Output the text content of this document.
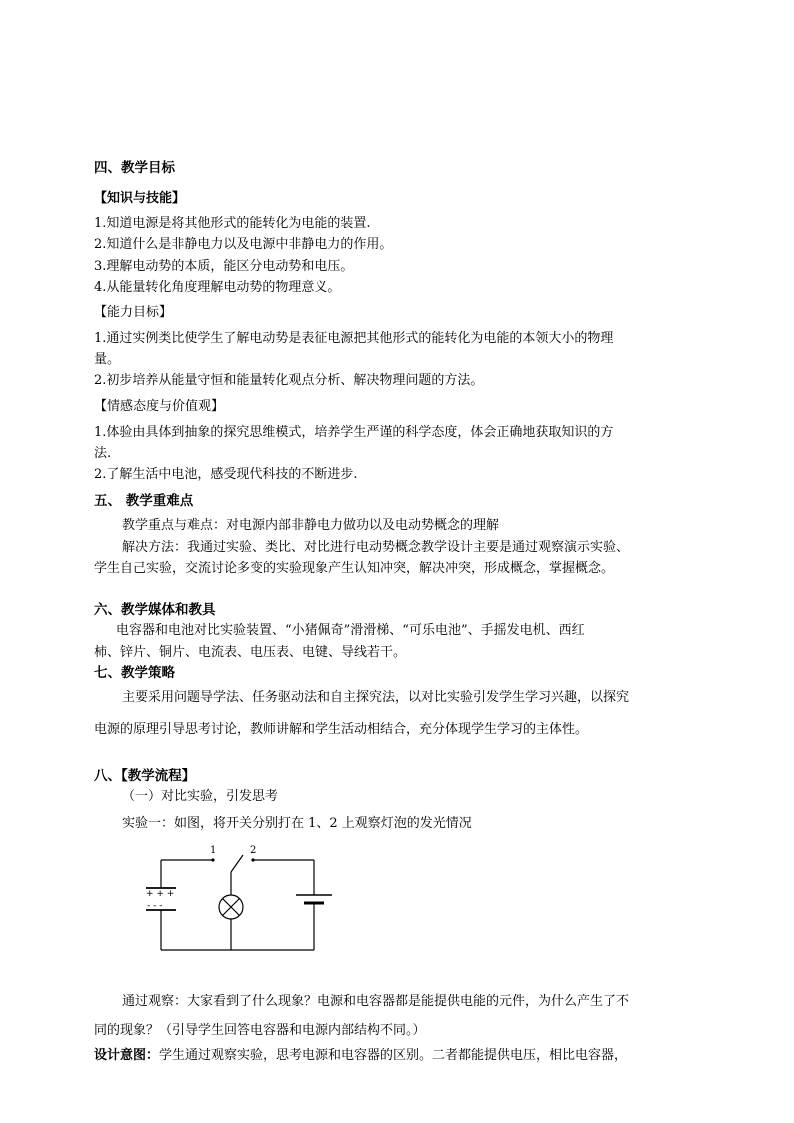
四、教学目标
【知识与技能】
1.知道电源是将其他形式的能转化为电能的装置.
2.知道什么是非静电力以及电源中非静电力的作用。
3.理解电动势的本质，能区分电动势和电压。
4.从能量转化角度理解电动势的物理意义。
【能力目标】
1.通过实例类比使学生了解电动势是表征电源把其他形式的能转化为电能的本领大小的物理
量。
2.初步培养从能量守恒和能量转化观点分析、解决物理问题的方法。
【情感态度与价值观】
1.体验由具体到抽象的探究思维模式，培养学生严谨的科学态度，体会正确地获取知识的方
法.
2.了解生活中电池，感受现代科技的不断进步.
五、 教学重难点
教学重点与难点：对电源内部非静电力做功以及电动势概念的理解
解决方法：我通过实验、类比、对比进行电动势概念教学设计主要是通过观察演示实验、
学生自己实验，交流讨论多变的实验现象产生认知冲突，解决冲突，形成概念，掌握概念。
六、教学媒体和教具
电容器和电池对比实验装置、“小猪佩奇”滑滑梯、“可乐电池”、手摇发电机、西红
柿、锌片、铜片、电流表、电压表、电键、导线若干。
七、教学策略
主要采用问题导学法、任务驱动法和自主探究法，以对比实验引发学生学习兴趣，以探究
电源的原理引导思考讨论，教师讲解和学生活动相结合，充分体现学生学习的主体性。
八、【教学流程】
（一）对比实验，引发思考
实验一：如图，将开关分别打在 1、2 上观察灯泡的发光情况
1	2
+ + +
- - -
通过观察：大家看到了什么现象？电源和电容器都是能提供电能的元件，为什么产生了不
同的现象？（引导学生回答电容器和电源内部结构不同。）
设计意图：学生通过观察实验，思考电源和电容器的区别。二者都能提供电压，相比电容器，
